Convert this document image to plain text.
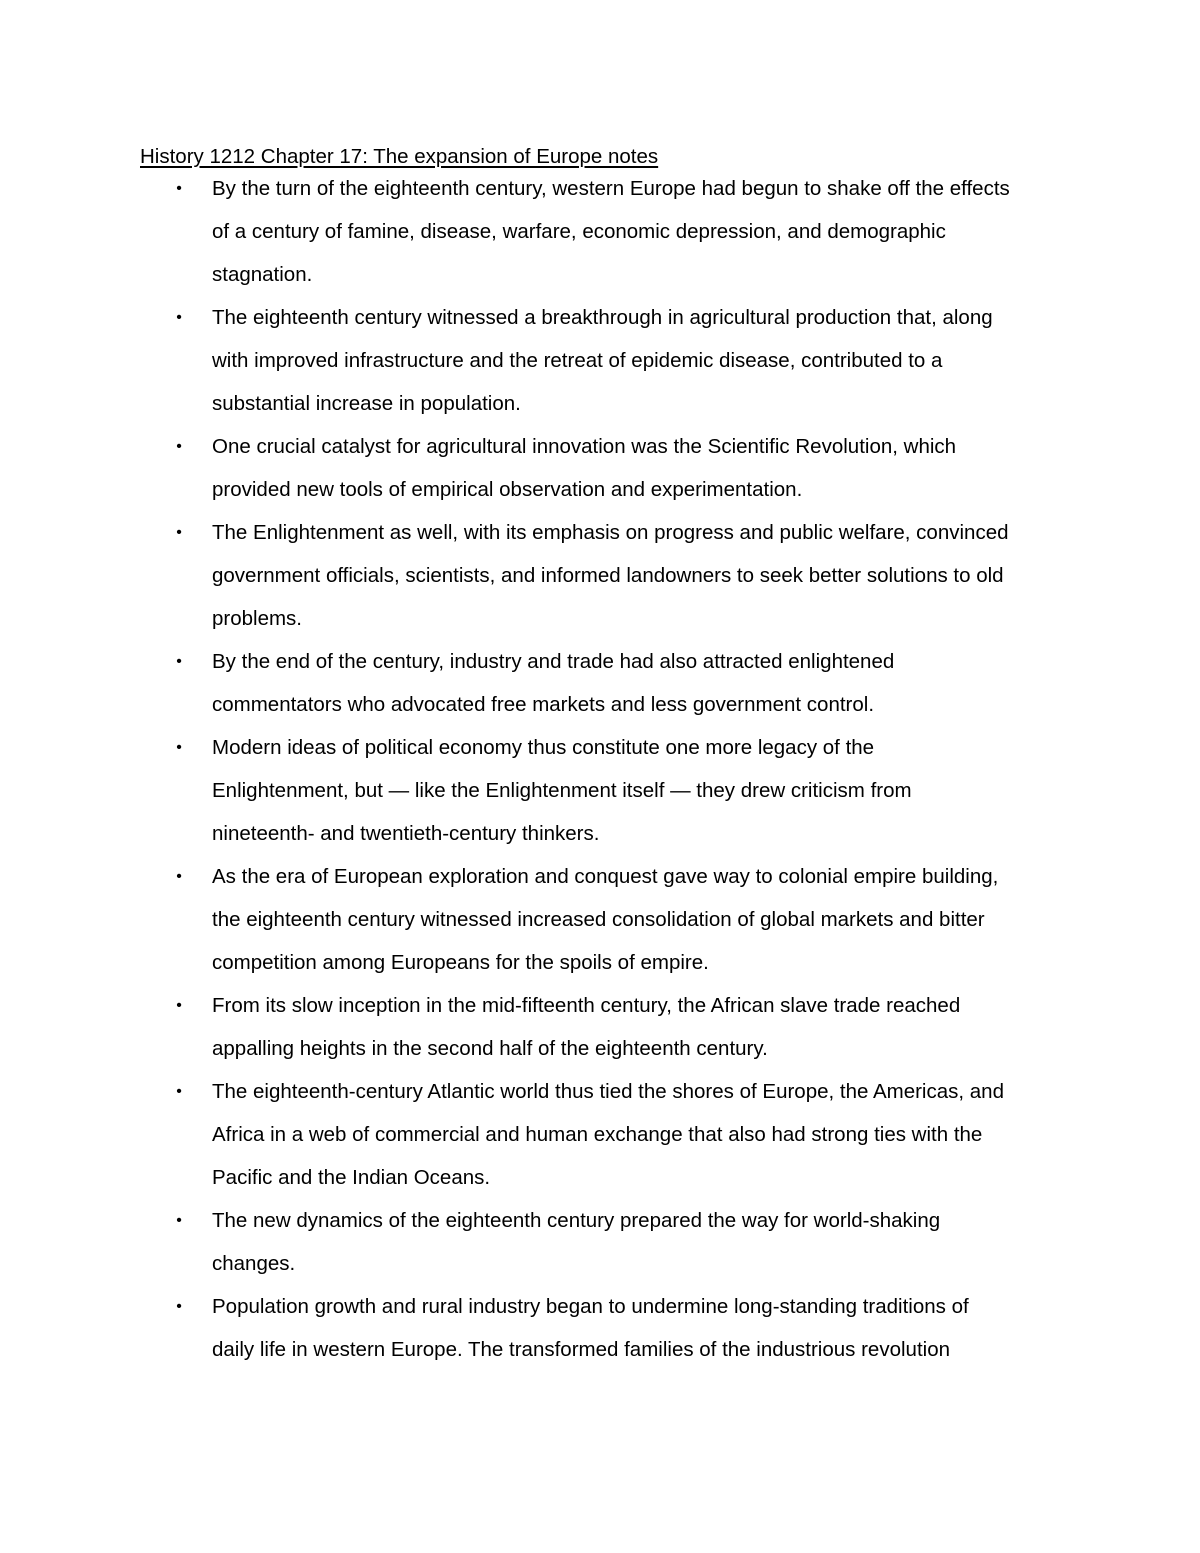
History 1212 Chapter 17: The expansion of Europe notes
• By the turn of the eighteenth century, western Europe had begun to shake off the effects
of a century of famine, disease, warfare, economic depression, and demographic
stagnation.
• The eighteenth century witnessed a breakthrough in agricultural production that, along
with improved infrastructure and the retreat of epidemic disease, contributed to a
substantial increase in population.
• One crucial catalyst for agricultural innovation was the Scientific Revolution, which
provided new tools of empirical observation and experimentation.
• The Enlightenment as well, with its emphasis on progress and public welfare, convinced
government officials, scientists, and informed landowners to seek better solutions to old
problems.
• By the end of the century, industry and trade had also attracted enlightened
commentators who advocated free markets and less government control.
• Modern ideas of political economy thus constitute one more legacy of the
Enlightenment, but — like the Enlightenment itself — they drew criticism from
nineteenth- and twentieth-century thinkers.
• As the era of European exploration and conquest gave way to colonial empire building,
the eighteenth century witnessed increased consolidation of global markets and bitter
competition among Europeans for the spoils of empire.
• From its slow inception in the mid-fifteenth century, the African slave trade reached
appalling heights in the second half of the eighteenth century.
• The eighteenth-century Atlantic world thus tied the shores of Europe, the Americas, and
Africa in a web of commercial and human exchange that also had strong ties with the
Pacific and the Indian Oceans.
• The new dynamics of the eighteenth century prepared the way for world-shaking
changes.
• Population growth and rural industry began to undermine long-standing traditions of
daily life in western Europe. The transformed families of the industrious revolution
